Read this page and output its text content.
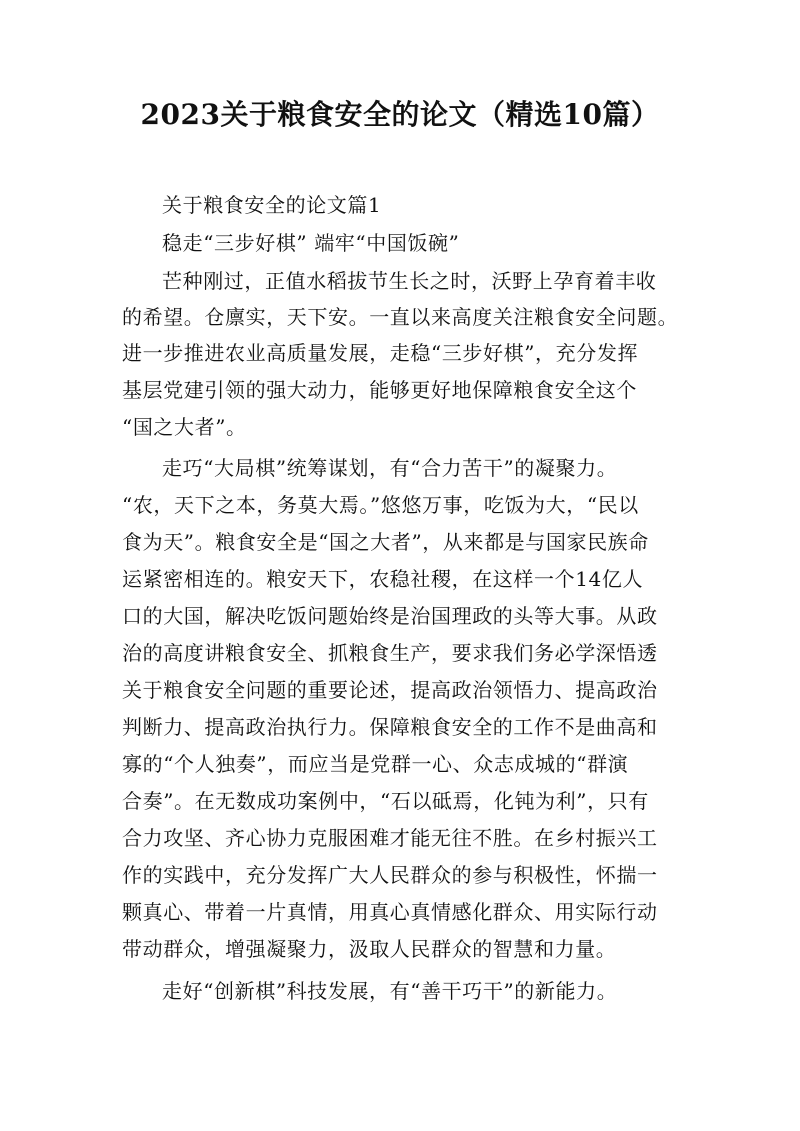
2023关于粮食安全的论文（精选10篇）
关于粮食安全的论文篇1
稳走“三步好棋” 端牢“中国饭碗”
芒种刚过，正值水稻拔节生长之时，沃野上孕育着丰收
的希望。仓廪实，天下安。一直以来高度关注粮食安全问题。
进一步推进农业高质量发展，走稳“三步好棋”，充分发挥
基层党建引领的强大动力，能够更好地保障粮食安全这个
“国之大者”。
走巧“大局棋”统筹谋划，有“合力苦干”的凝聚力。
“农，天下之本，务莫大焉。”悠悠万事，吃饭为大，“民以
食为天”。粮食安全是“国之大者”，从来都是与国家民族命
运紧密相连的。粮安天下，农稳社稷，在这样一个14亿人
口的大国，解决吃饭问题始终是治国理政的头等大事。从政
治的高度讲粮食安全、抓粮食生产，要求我们务必学深悟透
关于粮食安全问题的重要论述，提高政治领悟力、提高政治
判断力、提高政治执行力。保障粮食安全的工作不是曲高和
寡的“个人独奏”，而应当是党群一心、众志成城的“群演
合奏”。在无数成功案例中，“石以砥焉，化钝为利”，只有
合力攻坚、齐心协力克服困难才能无往不胜。在乡村振兴工
作的实践中，充分发挥广大人民群众的参与积极性，怀揣一
颗真心、带着一片真情，用真心真情感化群众、用实际行动
带动群众，增强凝聚力，汲取人民群众的智慧和力量。
走好“创新棋”科技发展，有“善干巧干”的新能力。
